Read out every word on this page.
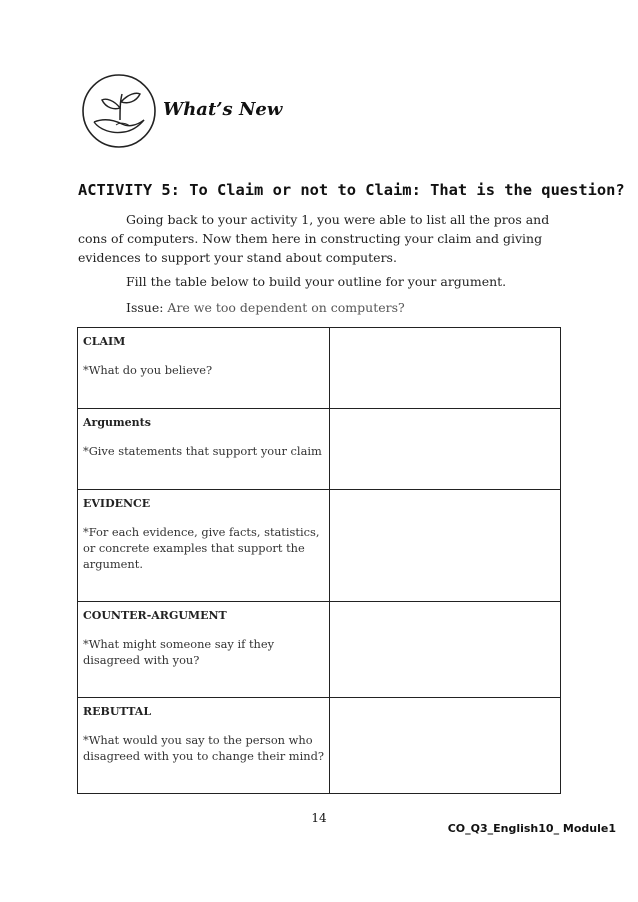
What’s New
ACTIVITY 5: To Claim or not to Claim: That is the question?
Going back to your activity 1, you were able to list all the pros and cons of computers. Now them here in constructing your claim and giving evidences to support your stand about computers.
Fill the table below to build your outline for your argument.
Issue: Are we too dependent on computers?
CLAIM
*What do you believe?	

Arguments
*Give statements that support your claim	

EVIDENCE
*For each evidence, give facts, statistics, or concrete examples that support the argument.	

COUNTER-ARGUMENT
*What might someone say if they disagreed with you?	

REBUTTAL
*What would you say to the person who disagreed with you to change their mind?	

14
CO_Q3_English10_ Module1
